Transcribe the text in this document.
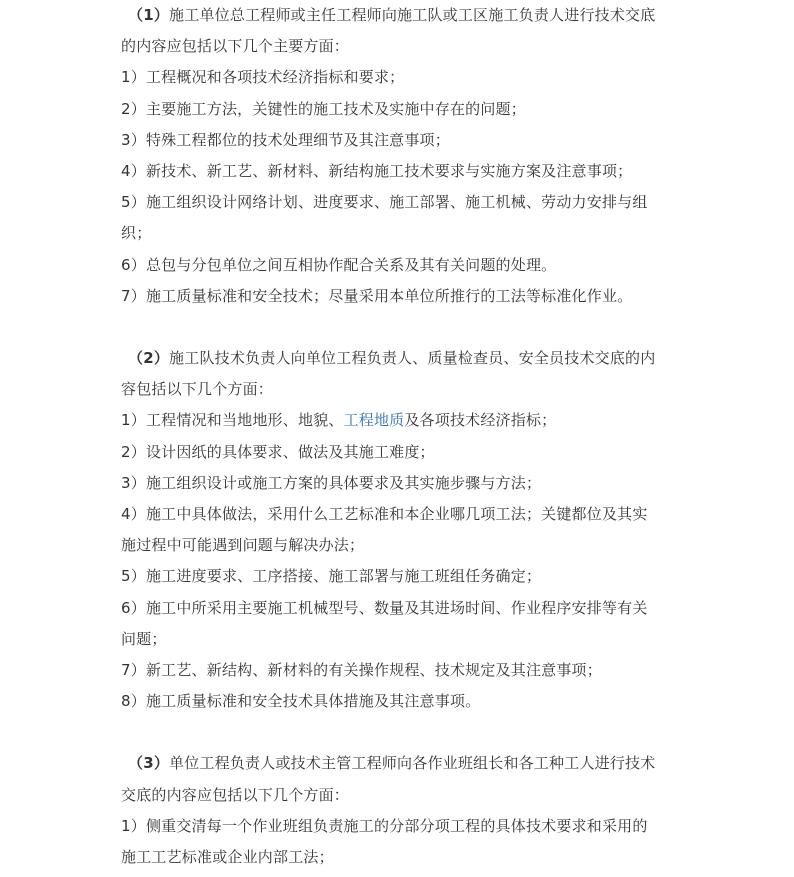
（1）施工单位总工程师或主任工程师向施工队或工区施工负责人进行技术交底
的内容应包括以下几个主要方面：
1）工程概况和各项技术经济指标和要求；
2）主要施工方法，关键性的施工技术及实施中存在的问题；
3）特殊工程都位的技术处理细节及其注意事项；
4）新技术、新工艺、新材料、新结构施工技术要求与实施方案及注意事项；
5）施工组织设计网络计划、进度要求、施工部署、施工机械、劳动力安排与组
织；
6）总包与分包单位之间互相协作配合关系及其有关问题的处理。
7）施工质量标准和安全技术；尽量采用本单位所推行的工法等标准化作业。
（2）施工队技术负责人向单位工程负责人、质量检查员、安全员技术交底的内
容包括以下几个方面：
1）工程情况和当地地形、地貌、工程地质及各项技术经济指标；
2）设计因纸的具体要求、做法及其施工难度；
3）施工组织设计或施工方案的具体要求及其实施步骤与方法；
4）施工中具体做法，采用什么工艺标准和本企业哪几项工法；关键都位及其实
施过程中可能遇到问题与解决办法；
5）施工进度要求、工序搭接、施工部署与施工班组任务确定；
6）施工中所采用主要施工机械型号、数量及其进场时间、作业程序安排等有关
问题；
7）新工艺、新结构、新材料的有关操作规程、技术规定及其注意事项；
8）施工质量标准和安全技术具体措施及其注意事项。
（3）单位工程负责人或技术主管工程师向各作业班组长和各工种工人进行技术
交底的内容应包括以下几个方面：
1）侧重交清每一个作业班组负责施工的分部分项工程的具体技术要求和采用的
施工工艺标准或企业内部工法；
